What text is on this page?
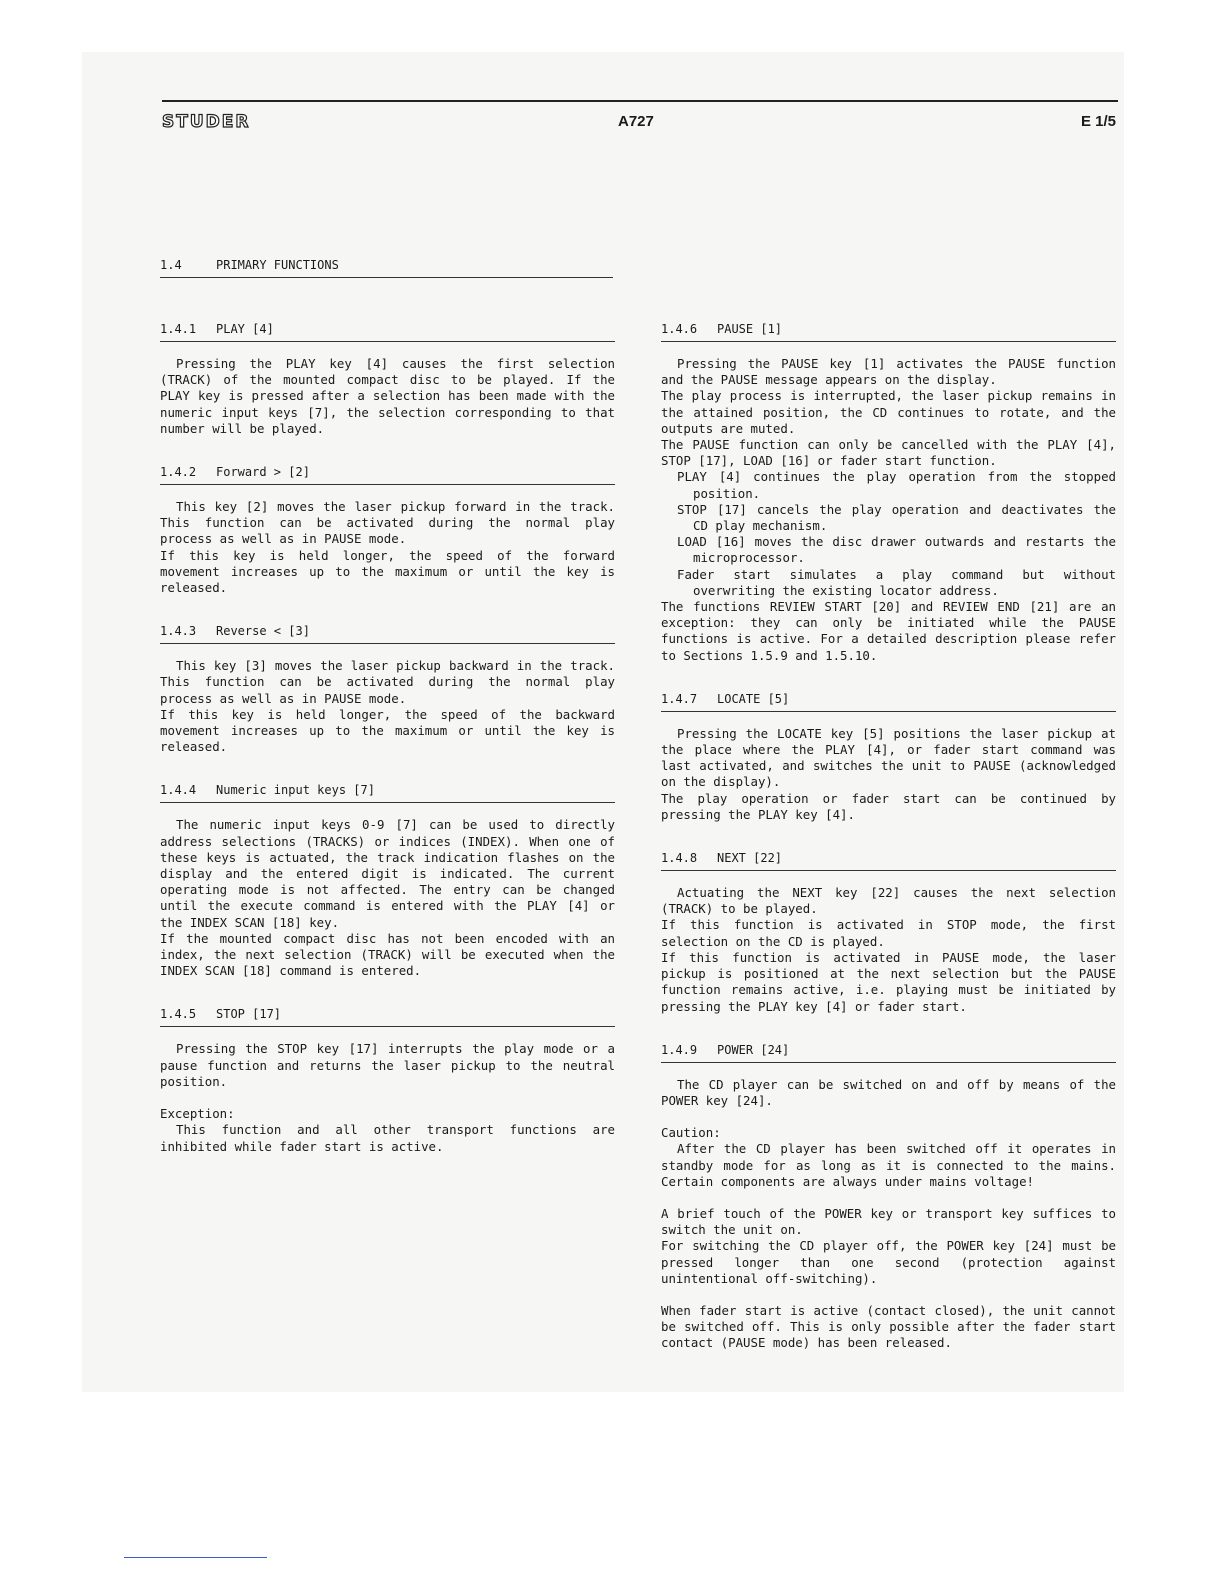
STUDER	A727	E 1/5
1.4	PRIMARY FUNCTIONS
1.4.1 PLAY [4]

Pressing the PLAY key [4] causes the first selection (TRACK) of the mounted compact disc to be played. If the PLAY key is pressed after a selection has been made with the numeric input keys [7], the selection corresponding to that number will be played.

1.4.2 Forward > [2]

This key [2] moves the laser pickup forward in the track. This function can be activated during the normal play process as well as in PAUSE mode.

If this key is held longer, the speed of the forward movement increases up to the maximum or until the key is released.

1.4.3 Reverse < [3]

This key [3] moves the laser pickup backward in the track. This function can be activated during the normal play process as well as in PAUSE mode.

If this key is held longer, the speed of the backward movement increases up to the maximum or until the key is released.

1.4.4 Numeric input keys [7]

The numeric input keys 0-9 [7] can be used to directly address selections (TRACKS) or indices (INDEX). When one of these keys is actuated, the track indication flashes on the display and the entered digit is indicated. The current operating mode is not affected. The entry can be changed until the execute command is entered with the PLAY [4] or the INDEX SCAN [18] key.

If the mounted compact disc has not been encoded with an index, the next selection (TRACK) will be executed when the INDEX SCAN [18] command is entered.

1.4.5 STOP [17]

Pressing the STOP key [17] interrupts the play mode or a pause function and returns the laser pickup to the neutral position.

Exception:

This function and all other transport functions are inhibited while fader start is active.

1.4.6 PAUSE [1]

Pressing the PAUSE key [1] activates the PAUSE function and the PAUSE message appears on the display.

The play process is interrupted, the laser pickup remains in the attained position, the CD continues to rotate, and the outputs are muted.

The PAUSE function can only be cancelled with the PLAY [4], STOP [17], LOAD [16] or fader start function.

PLAY [4] continues the play operation from the stopped position.

STOP [17] cancels the play operation and deactivates the CD play mechanism.

LOAD [16] moves the disc drawer outwards and restarts the microprocessor.

Fader start simulates a play command but without overwriting the existing locator address.

The functions REVIEW START [20] and REVIEW END [21] are an exception: they can only be initiated while the PAUSE functions is active. For a detailed description please refer to Sections 1.5.9 and 1.5.10.

1.4.7 LOCATE [5]

Pressing the LOCATE key [5] positions the laser pickup at the place where the PLAY [4], or fader start command was last activated, and switches the unit to PAUSE (acknowledged on the display).

The play operation or fader start can be continued by pressing the PLAY key [4].

1.4.8 NEXT [22]

Actuating the NEXT key [22] causes the next selection (TRACK) to be played.

If this function is activated in STOP mode, the first selection on the CD is played.

If this function is activated in PAUSE mode, the laser pickup is positioned at the next selection but the PAUSE function remains active, i.e. playing must be initiated by pressing the PLAY key [4] or fader start.

1.4.9 POWER [24]

The CD player can be switched on and off by means of the POWER key [24].

Caution:

After the CD player has been switched off it operates in standby mode for as long as it is connected to the mains. Certain components are always under mains voltage!

A brief touch of the POWER key or transport key suffices to switch the unit on.

For switching the CD player off, the POWER key [24] must be pressed longer than one second (protection against unintentional off-switching).

When fader start is active (contact closed), the unit cannot be switched off. This is only possible after the fader start contact (PAUSE mode) has been released.
